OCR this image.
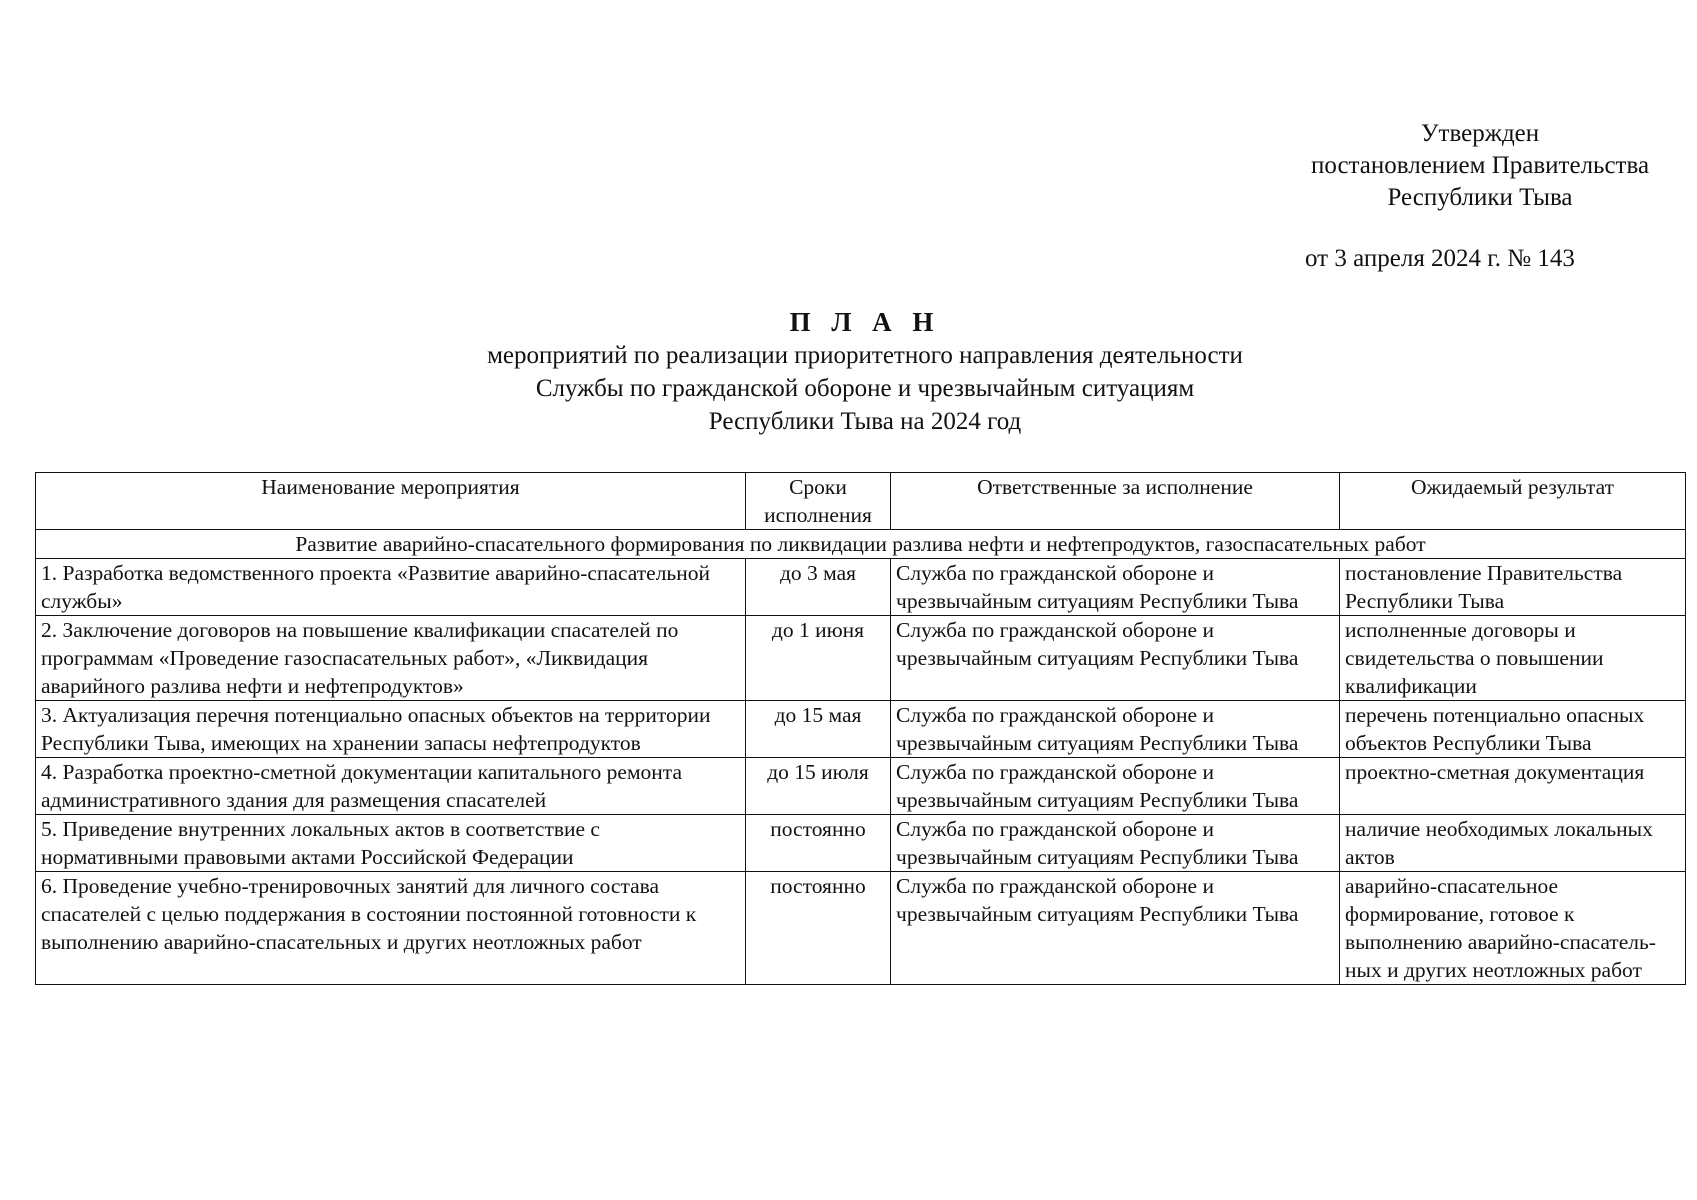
Утвержден
постановлением Правительства
Республики Тыва
от 3 апреля 2024 г. № 143
П Л А Н
мероприятий по реализации приоритетного направления деятельности
Службы по гражданской обороне и чрезвычайным ситуациям
Республики Тыва на 2024 год
Наименование мероприятия	Сроки исполнения	Ответственные за исполнение	Ожидаемый результат
Развитие аварийно-спасательного формирования по ликвидации разлива нефти и нефтепродуктов, газоспасательных работ			
1. Разработка ведомственного проекта «Развитие аварийно-спасательной службы»	до 3 мая	Служба по гражданской обороне и чрезвычайным ситуациям Республики Тыва	постановление Правительства Республики Тыва
2. Заключение договоров на повышение квалификации спасателей по программам «Проведение газоспасательных работ», «Ликвидация аварийного разлива нефти и нефтепродуктов»	до 1 июня	Служба по гражданской обороне и чрезвычайным ситуациям Республики Тыва	исполненные договоры и свидетельства о повышении квалификации
3. Актуализация перечня потенциально опасных объектов на территории Республики Тыва, имеющих на хранении запасы нефтепродуктов	до 15 мая	Служба по гражданской обороне и чрезвычайным ситуациям Республики Тыва	перечень потенциально опасных объектов Республики Тыва
4. Разработка проектно-сметной документации капитального ремонта административного здания для размещения спасателей	до 15 июля	Служба по гражданской обороне и чрезвычайным ситуациям Республики Тыва	проектно-сметная документация
5. Приведение внутренних локальных актов в соответствие с нормативными правовыми актами Российской Федерации	постоянно	Служба по гражданской обороне и чрезвычайным ситуациям Республики Тыва	наличие необходимых локальных актов
6. Проведение учебно-тренировочных занятий для личного состава спасателей с целью поддержания в состоянии постоянной готовности к выполнению аварийно-спасательных и других неотложных работ	постоянно	Служба по гражданской обороне и чрезвычайным ситуациям Республики Тыва	аварийно-спасательное формирование, готовое к выполнению аварийно-спасатель-ных и других неотложных работ
